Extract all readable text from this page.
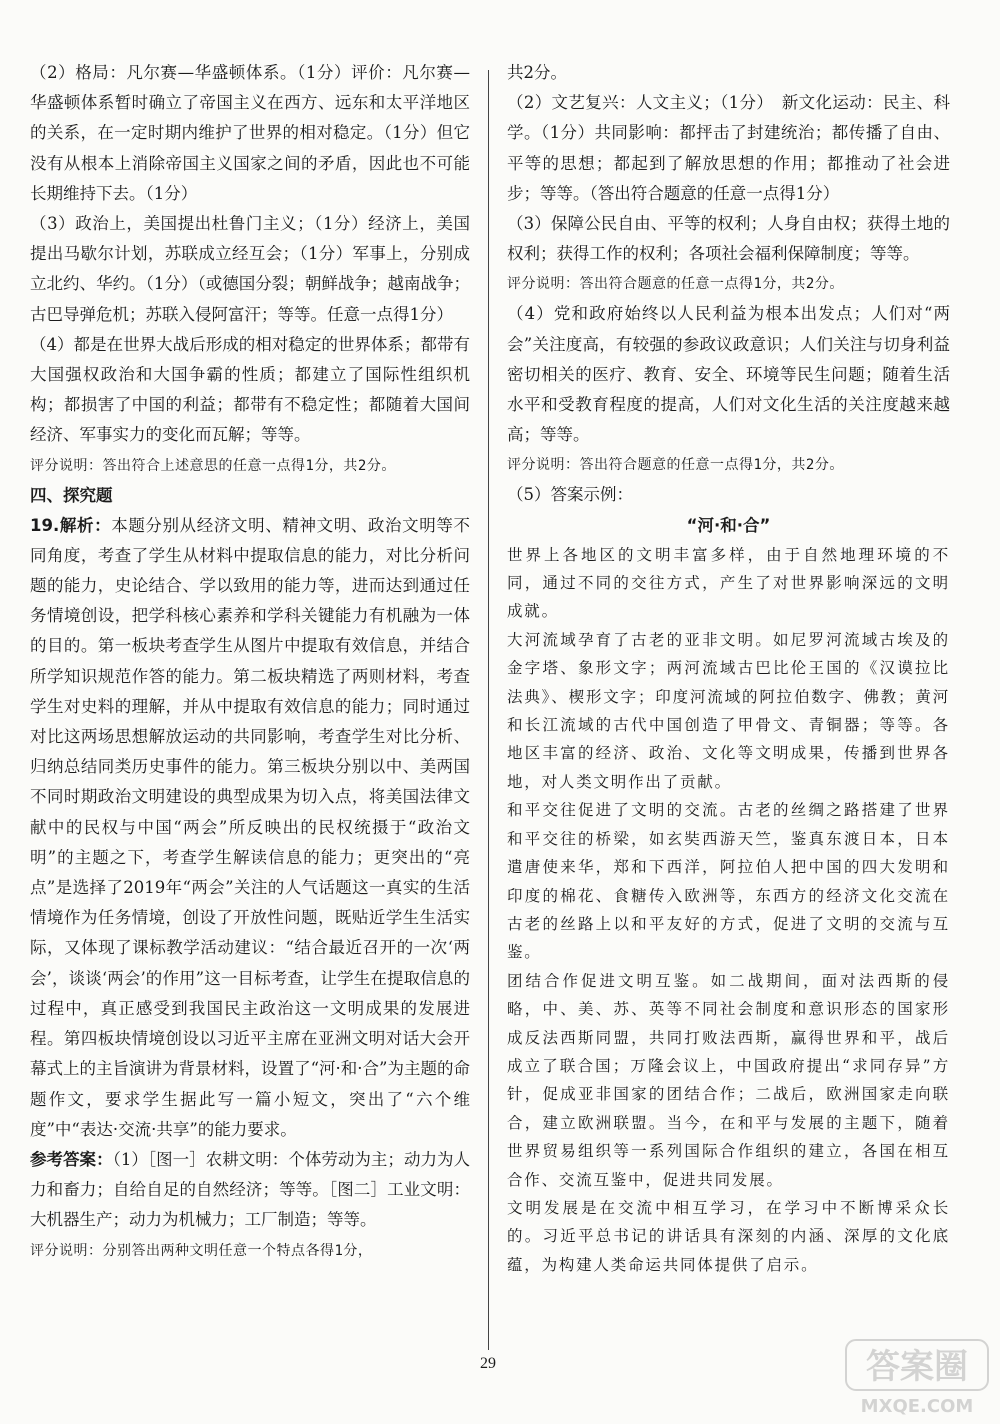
（2）格局：凡尔赛—华盛顿体系。（1分）评价：凡尔赛—华盛顿体系暂时确立了帝国主义在西方、远东和太平洋地区的关系，在一定时期内维护了世界的相对稳定。（1分）但它没有从根本上消除帝国主义国家之间的矛盾，因此也不可能长期维持下去。（1分）

（3）政治上，美国提出杜鲁门主义；（1分）经济上，美国提出马歇尔计划，苏联成立经互会；（1分）军事上，分别成立北约、华约。（1分）（或德国分裂；朝鲜战争；越南战争；古巴导弹危机；苏联入侵阿富汗；等等。任意一点得1分）

（4）都是在世界大战后形成的相对稳定的世界体系；都带有大国强权政治和大国争霸的性质；都建立了国际性组织机构；都损害了中国的利益；都带有不稳定性；都随着大国间经济、军事实力的变化而瓦解；等等。

评分说明：答出符合上述意思的任意一点得1分，共2分。

四、探究题

19.解析：本题分别从经济文明、精神文明、政治文明等不同角度，考查了学生从材料中提取信息的能力，对比分析问题的能力，史论结合、学以致用的能力等，进而达到通过任务情境创设，把学科核心素养和学科关键能力有机融为一体的目的。第一板块考查学生从图片中提取有效信息，并结合所学知识规范作答的能力。第二板块精选了两则材料，考查学生对史料的理解，并从中提取有效信息的能力；同时通过对比这两场思想解放运动的共同影响，考查学生对比分析、归纳总结同类历史事件的能力。第三板块分别以中、美两国不同时期政治文明建设的典型成果为切入点，将美国法律文献中的民权与中国“两会”所反映出的民权统摄于“政治文明”的主题之下，考查学生解读信息的能力；更突出的“亮点”是选择了2019年“两会”关注的人气话题这一真实的生活情境作为任务情境，创设了开放性问题，既贴近学生生活实际，又体现了课标教学活动建议：“结合最近召开的一次‘两会’，谈谈‘两会’的作用”这一目标考查，让学生在提取信息的过程中，真正感受到我国民主政治这一文明成果的发展进程。第四板块情境创设以习近平主席在亚洲文明对话大会开幕式上的主旨演讲为背景材料，设置了“河·和·合”为主题的命题作文，要求学生据此写一篇小短文，突出了“六个维度”中“表达·交流·共享”的能力要求。

参考答案：（1）［图一］农耕文明：个体劳动为主；动力为人力和畜力；自给自足的自然经济；等等。［图二］工业文明：大机器生产；动力为机械力；工厂制造；等等。

评分说明：分别答出两种文明任意一个特点各得1分，

共2分。

（2）文艺复兴：人文主义；（1分）　新文化运动：民主、科学。（1分）共同影响：都抨击了封建统治；都传播了自由、平等的思想；都起到了解放思想的作用；都推动了社会进步；等等。（答出符合题意的任意一点得1分）

（3）保障公民自由、平等的权利；人身自由权；获得土地的权利；获得工作的权利；各项社会福利保障制度；等等。

评分说明：答出符合题意的任意一点得1分，共2分。

（4）党和政府始终以人民利益为根本出发点；人们对“两会”关注度高，有较强的参政议政意识；人们关注与切身利益密切相关的医疗、教育、安全、环境等民生问题；随着生活水平和受教育程度的提高，人们对文化生活的关注度越来越高；等等。

评分说明：答出符合题意的任意一点得1分，共2分。

（5）答案示例：

“河·和·合”

世界上各地区的文明丰富多样，由于自然地理环境的不同，通过不同的交往方式，产生了对世界影响深远的文明成就。

大河流域孕育了古老的亚非文明。如尼罗河流域古埃及的金字塔、象形文字；两河流域古巴比伦王国的《汉谟拉比法典》、楔形文字；印度河流域的阿拉伯数字、佛教；黄河和长江流域的古代中国创造了甲骨文、青铜器；等等。各地区丰富的经济、政治、文化等文明成果，传播到世界各地，对人类文明作出了贡献。

和平交往促进了文明的交流。古老的丝绸之路搭建了世界和平交往的桥梁，如玄奘西游天竺，鉴真东渡日本，日本遣唐使来华，郑和下西洋，阿拉伯人把中国的四大发明和印度的棉花、食糖传入欧洲等，东西方的经济文化交流在古老的丝路上以和平友好的方式，促进了文明的交流与互鉴。

团结合作促进文明互鉴。如二战期间，面对法西斯的侵略，中、美、苏、英等不同社会制度和意识形态的国家形成反法西斯同盟，共同打败法西斯，赢得世界和平，战后成立了联合国；万隆会议上，中国政府提出“求同存异”方针，促成亚非国家的团结合作；二战后，欧洲国家走向联合，建立欧洲联盟。当今，在和平与发展的主题下，随着世界贸易组织等一系列国际合作组织的建立，各国在相互合作、交流互鉴中，促进共同发展。

文明发展是在交流中相互学习，在学习中不断博采众长的。习近平总书记的讲话具有深刻的内涵、深厚的文化底蕴，为构建人类命运共同体提供了启示。

29	答案圈
MXQE.COM
